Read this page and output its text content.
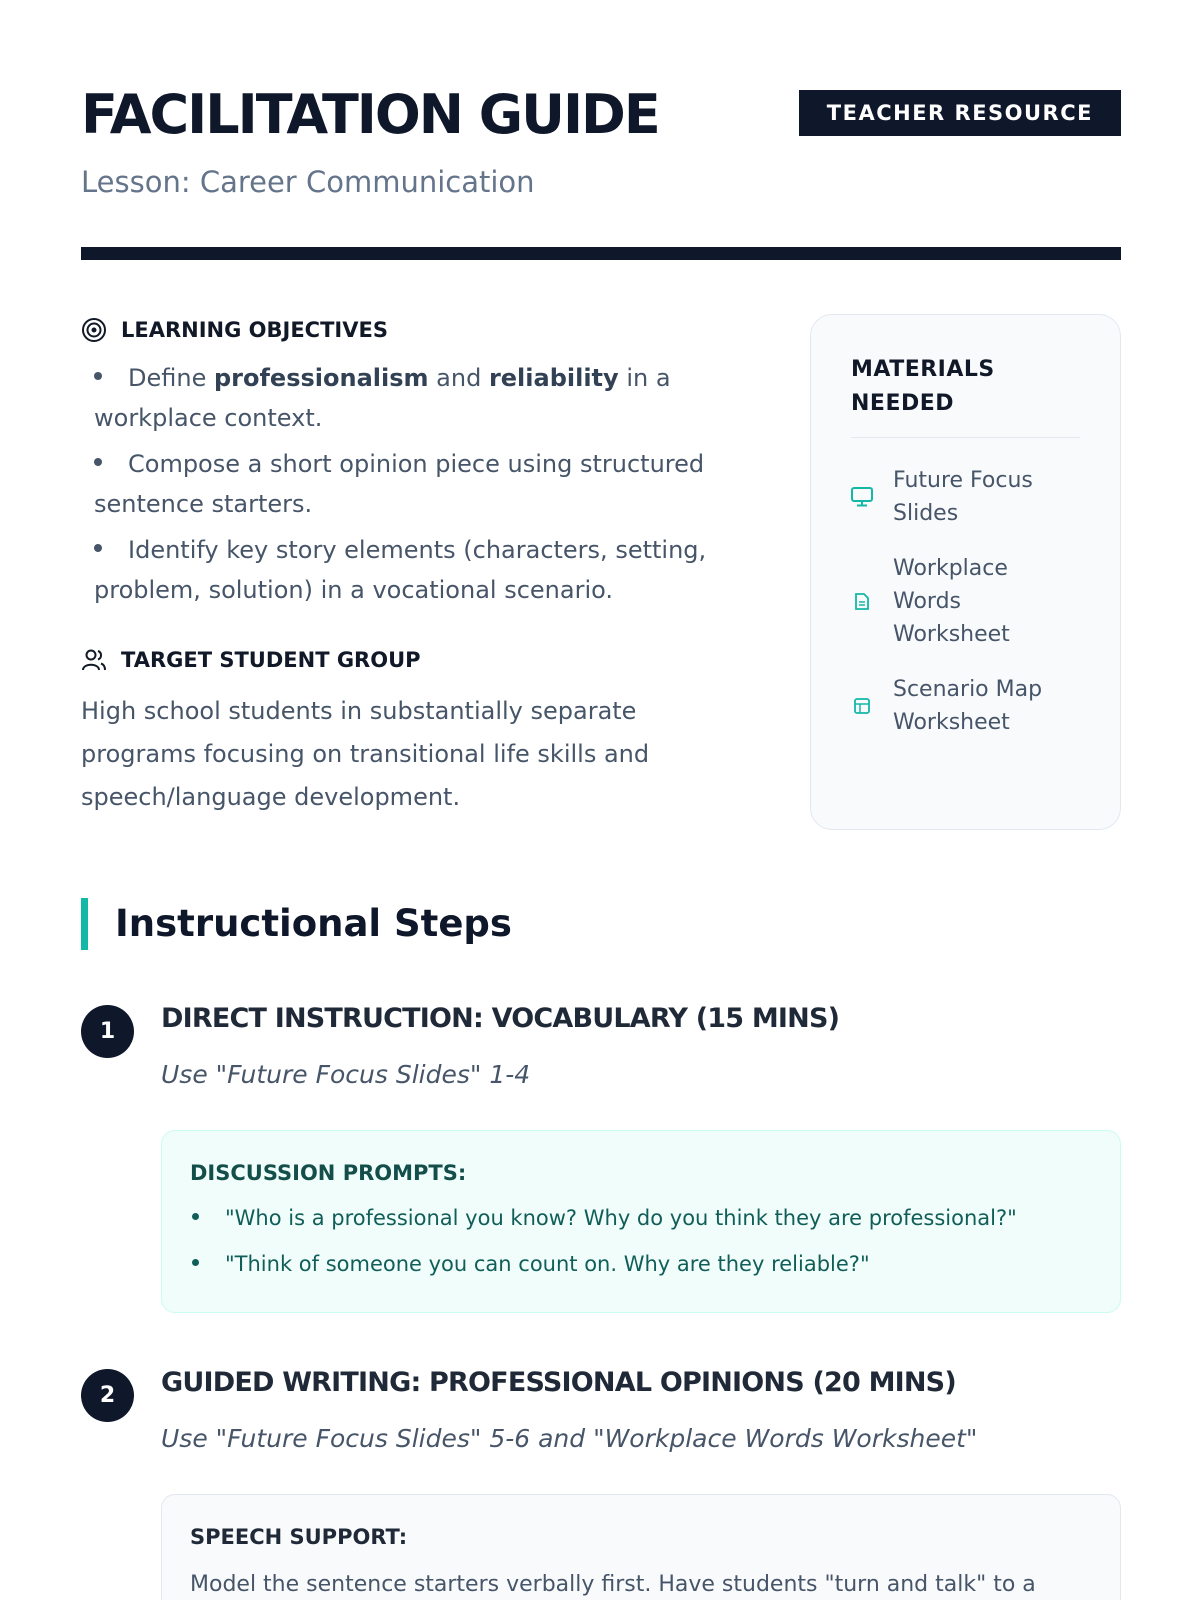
FACILITATION GUIDE	TEACHER RESOURCE
Lesson: Career Communication
LEARNING OBJECTIVES
Define professionalism and reliability in a workplace context.
Compose a short opinion piece using structured sentence starters.
Identify key story elements (characters, setting, problem, solution) in a vocational scenario.
TARGET STUDENT GROUP
High school students in substantially separate programs focusing on transitional life skills and speech/language development.
MATERIALS NEEDED
Future Focus Slides
Workplace Words Worksheet
Scenario Map Worksheet
Instructional Steps
1	DIRECT INSTRUCTION: VOCABULARY (15 MINS)
Use "Future Focus Slides" 1-4
DISCUSSION PROMPTS:
"Who is a professional you know? Why do you think they are professional?"
"Think of someone you can count on. Why are they reliable?"
2	GUIDED WRITING: PROFESSIONAL OPINIONS (20 MINS)
Use "Future Focus Slides" 5-6 and "Workplace Words Worksheet"
SPEECH SUPPORT:
Model the sentence starters verbally first. Have students "turn and talk" to a
